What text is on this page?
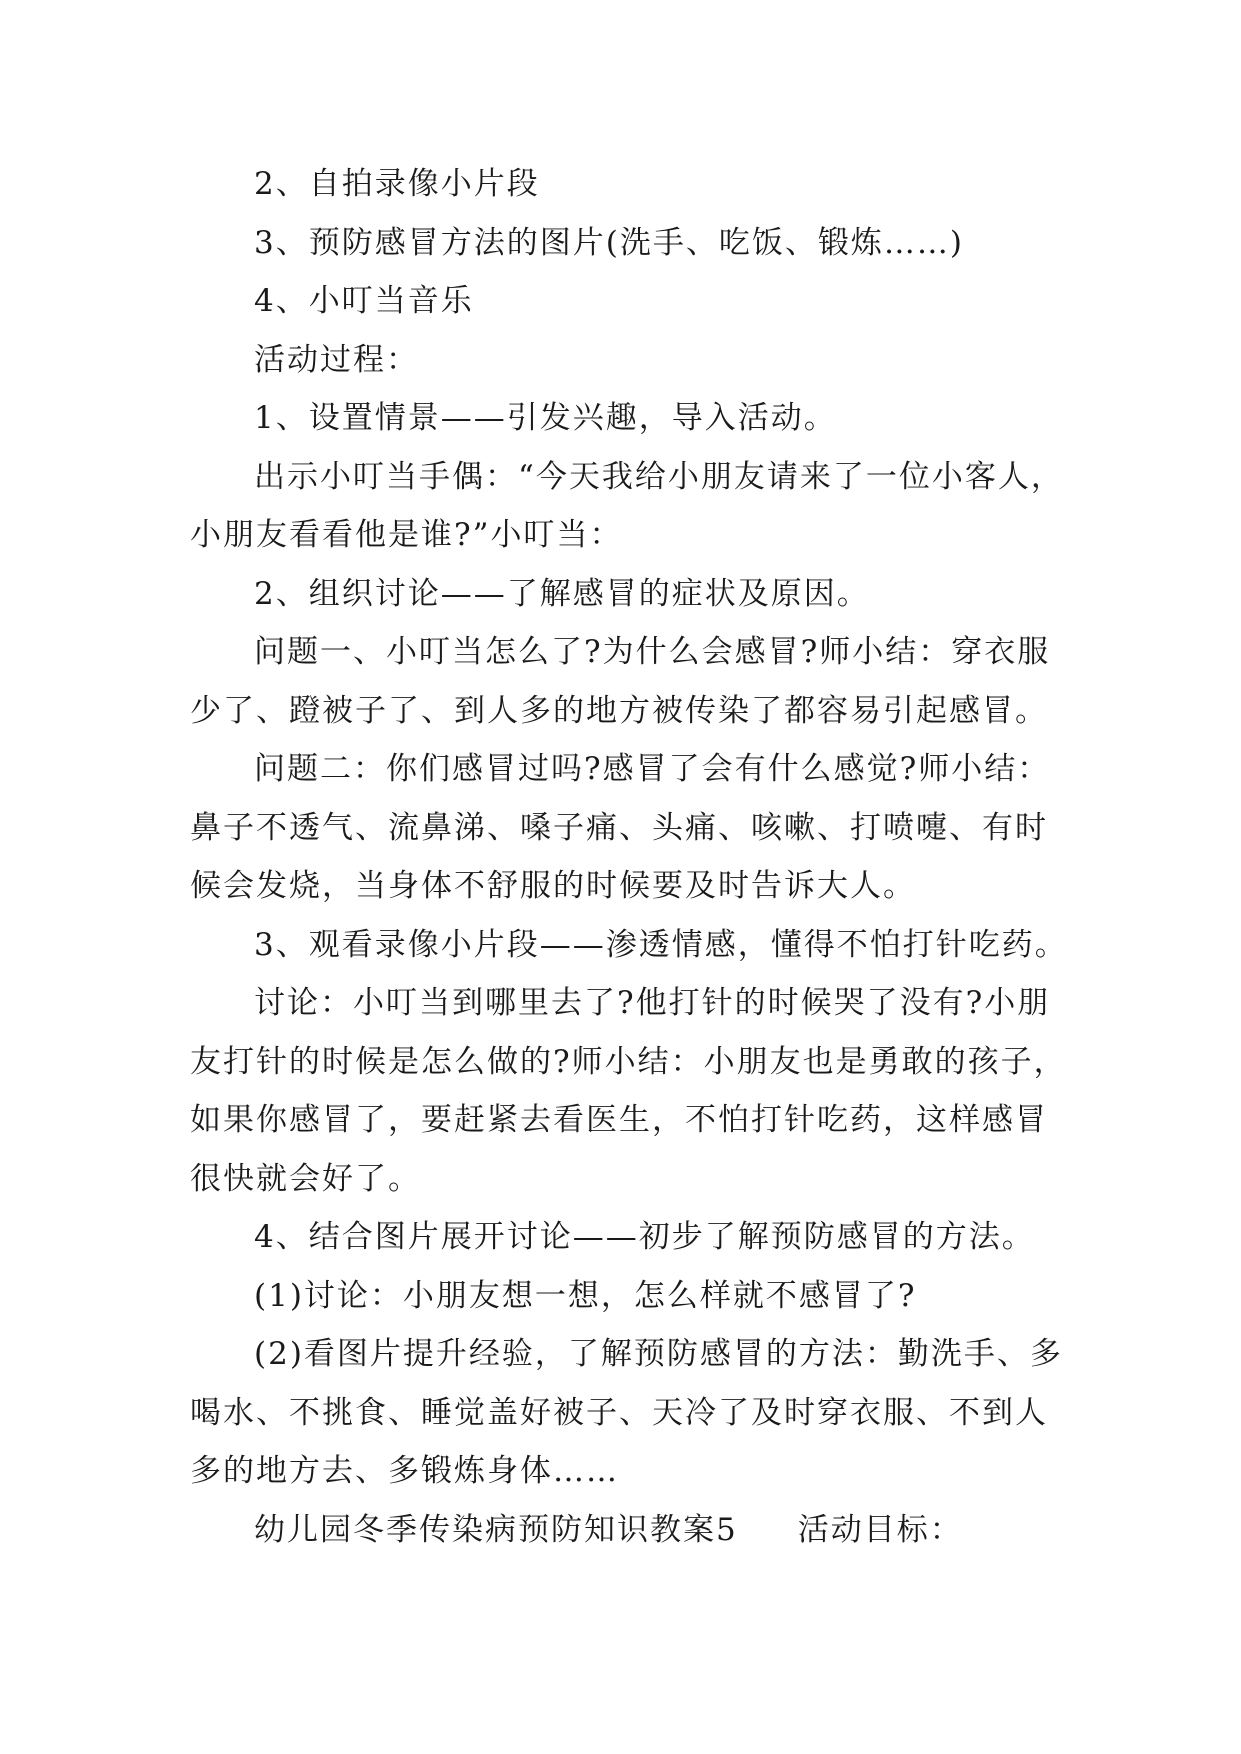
2、自拍录像小片段

3、预防感冒方法的图片(洗手、吃饭、锻炼……)

4、小叮当音乐

活动过程：

1、设置情景——引发兴趣，导入活动。

出示小叮当手偶：“今天我给小朋友请来了一位小客人，小朋友看看他是谁?”小叮当：

2、组织讨论——了解感冒的症状及原因。

问题一、小叮当怎么了?为什么会感冒?师小结：穿衣服少了、蹬被子了、到人多的地方被传染了都容易引起感冒。

问题二：你们感冒过吗?感冒了会有什么感觉?师小结：鼻子不透气、流鼻涕、嗓子痛、头痛、咳嗽、打喷嚏、有时候会发烧，当身体不舒服的时候要及时告诉大人。

3、观看录像小片段——渗透情感，懂得不怕打针吃药。

讨论：小叮当到哪里去了?他打针的时候哭了没有?小朋友打针的时候是怎么做的?师小结：小朋友也是勇敢的孩子，如果你感冒了，要赶紧去看医生，不怕打针吃药，这样感冒很快就会好了。

4、结合图片展开讨论——初步了解预防感冒的方法。

(1)讨论：小朋友想一想，怎么样就不感冒了?

(2)看图片提升经验，了解预防感冒的方法：勤洗手、多喝水、不挑食、睡觉盖好被子、天冷了及时穿衣服、不到人多的地方去、多锻炼身体……

幼儿园冬季传染病预防知识教案5 活动目标：
